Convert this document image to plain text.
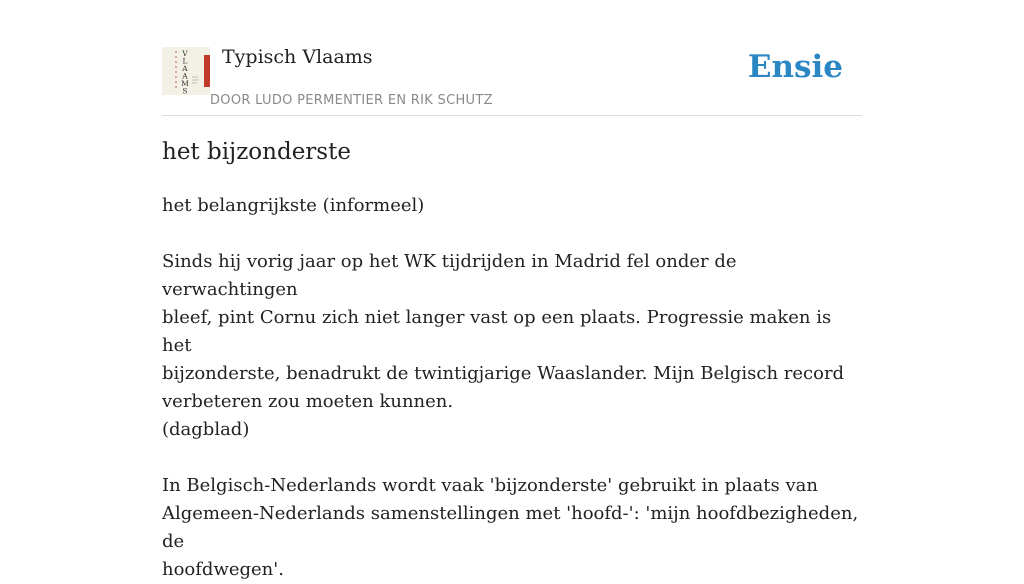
V L A A M S
Typisch Vlaams
DOOR LUDO PERMENTIER EN RIK SCHUTZ
Ensie
het bijzonderste

het belangrijkste (informeel)

Sinds hij vorig jaar op het WK tijdrijden in Madrid fel onder de verwachtingen
bleef, pint Cornu zich niet langer vast op een plaats. Progressie maken is het
bijzonderste, benadrukt de twintigjarige Waaslander. Mijn Belgisch record
verbeteren zou moeten kunnen.
(dagblad)

In Belgisch-Nederlands wordt vaak 'bijzonderste' gebruikt in plaats van
Algemeen-Nederlands samenstellingen met 'hoofd-': 'mijn hoofdbezigheden, de
hoofdwegen'.
